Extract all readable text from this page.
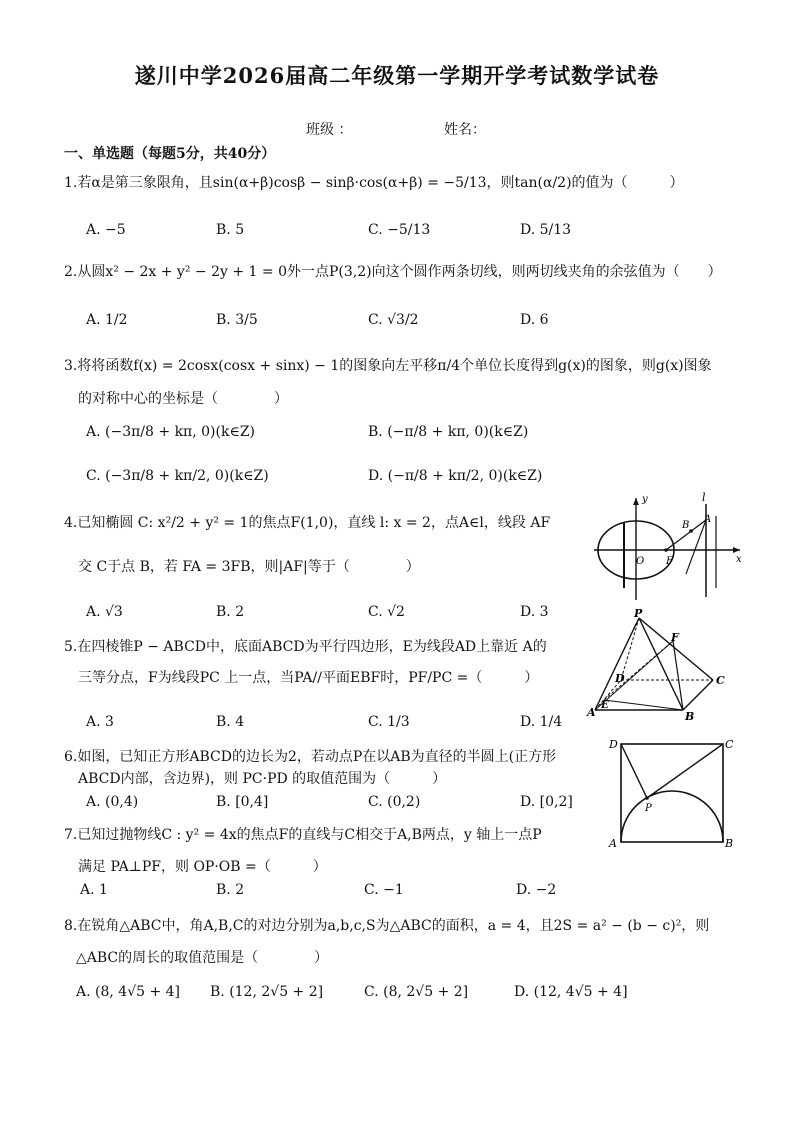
遂川中学2026届高二年级第一学期开学考试数学试卷
班级 ：	姓名：
一、单选题（每题5分，共40分）
1.若α是第三象限角，且sin(α+β)cosβ − sinβ·cos(α+β) = −5/13，则tan(α/2)的值为（　　　）
A. −5	B. 5	C. −5/13	D. 5/13
2.从圆x² − 2x + y² − 2y + 1 = 0外一点P(3,2)向这个圆作两条切线，则两切线夹角的余弦值为（　　）
A. 1/2	B. 3/5	C. √3/2	D. 6
3.将将函数f(x) = 2cosx(cosx + sinx) − 1的图象向左平移π/4个单位长度得到g(x)的图象，则g(x)图象
的对称中心的坐标是（　　　　）
A. (−3π/8 + kπ, 0)(k∈Z)	B. (−π/8 + kπ, 0)(k∈Z)
C. (−3π/8 + kπ/2, 0)(k∈Z)	D. (−π/8 + kπ/2, 0)(k∈Z)
4.已知椭圆 C: x²/2 + y² = 1的焦点F(1,0)，直线 l: x = 2，点A∈l，线段 AF
交 C于点 B，若 FA = 3FB，则|AF|等于（　　　　）
A. √3	B. 2	C. √2	D. 3
y	l
B
A
O F	x
5.在四棱锥P − ABCD中，底面ABCD为平行四边形，E为线段AD上靠近 A的
三等分点，F为线段PC 上一点，当PA//平面EBF时，PF/PC =（　　　）
A. 3	B. 4	C. 1/3	D. 1/4
P
F
D	C
A
E
B
6.如图，已知正方形ABCD的边长为2，若动点P在以AB为直径的半圆上(正方形
ABCD内部，含边界)，则 PC·PD 的取值范围为（　　　）
A. (0,4)	B. [0,4]	C. (0,2)	D. [0,2]
D	C
P
A	B
7.已知过抛物线C : y² = 4x的焦点F的直线与C相交于A,B两点，y 轴上一点P
满足 PA⊥PF，则 OP·OB =（　　　）
A. 1	B. 2	C. −1	D. −2
8.在锐角△ABC中，角A,B,C的对边分别为a,b,c,S为△ABC的面积，a = 4，且2S = a² − (b − c)²，则
△ABC的周长的取值范围是（　　　　）
A. (8, 4√5 + 4] B. (12, 2√5 + 2]	C. (8, 2√5 + 2]	D. (12, 4√5 + 4]
